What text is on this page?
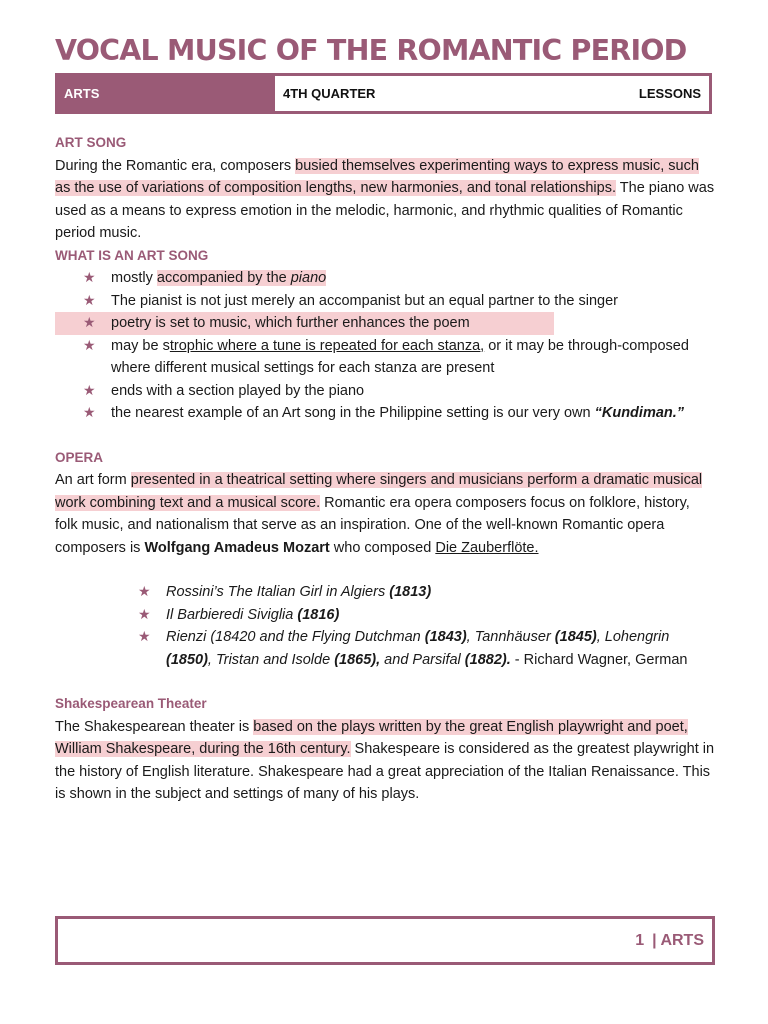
VOCAL MUSIC OF THE ROMANTIC PERIOD
ARTS	4TH QUARTER	LESSONS
ART SONG

During the Romantic era, composers busied themselves experimenting ways to express music, such as the use of variations of composition lengths, new harmonies, and tonal relationships. The piano was used as a means to express emotion in the melodic, harmonic, and rhythmic qualities of Romantic period music.

WHAT IS AN ART SONG
★ mostly accompanied by the piano
★ The pianist is not just merely an accompanist but an equal partner to the singer
★ poetry is set to music, which further enhances the poem
★ may be strophic where a tune is repeated for each stanza, or it may be through-composed where different musical settings for each stanza are present
★ ends with a section played by the piano
★ the nearest example of an Art song in the Philippine setting is our very own “Kundiman.”
OPERA

An art form presented in a theatrical setting where singers and musicians perform a dramatic musical work combining text and a musical score. Romantic era opera composers focus on folklore, history, folk music, and nationalism that serve as an inspiration. One of the well-known Romantic opera composers is Wolfgang Amadeus Mozart who composed Die Zauberflöte.

★ Rossini’s The Italian Girl in Algiers (1813)
★ Il Barbieredi Siviglia (1816)
★ Rienzi (18420 and the Flying Dutchman (1843), Tannhäuser (1845), Lohengrin (1850), Tristan and Isolde (1865), and Parsifal (1882). - Richard Wagner, German
Shakespearean Theater

The Shakespearean theater is based on the plays written by the great English playwright and poet, William Shakespeare, during the 16th century. Shakespeare is considered as the greatest playwright in the history of English literature. Shakespeare had a great appreciation of the Italian Renaissance. This is shown in the subject and settings of many of his plays.

1 | ARTS
